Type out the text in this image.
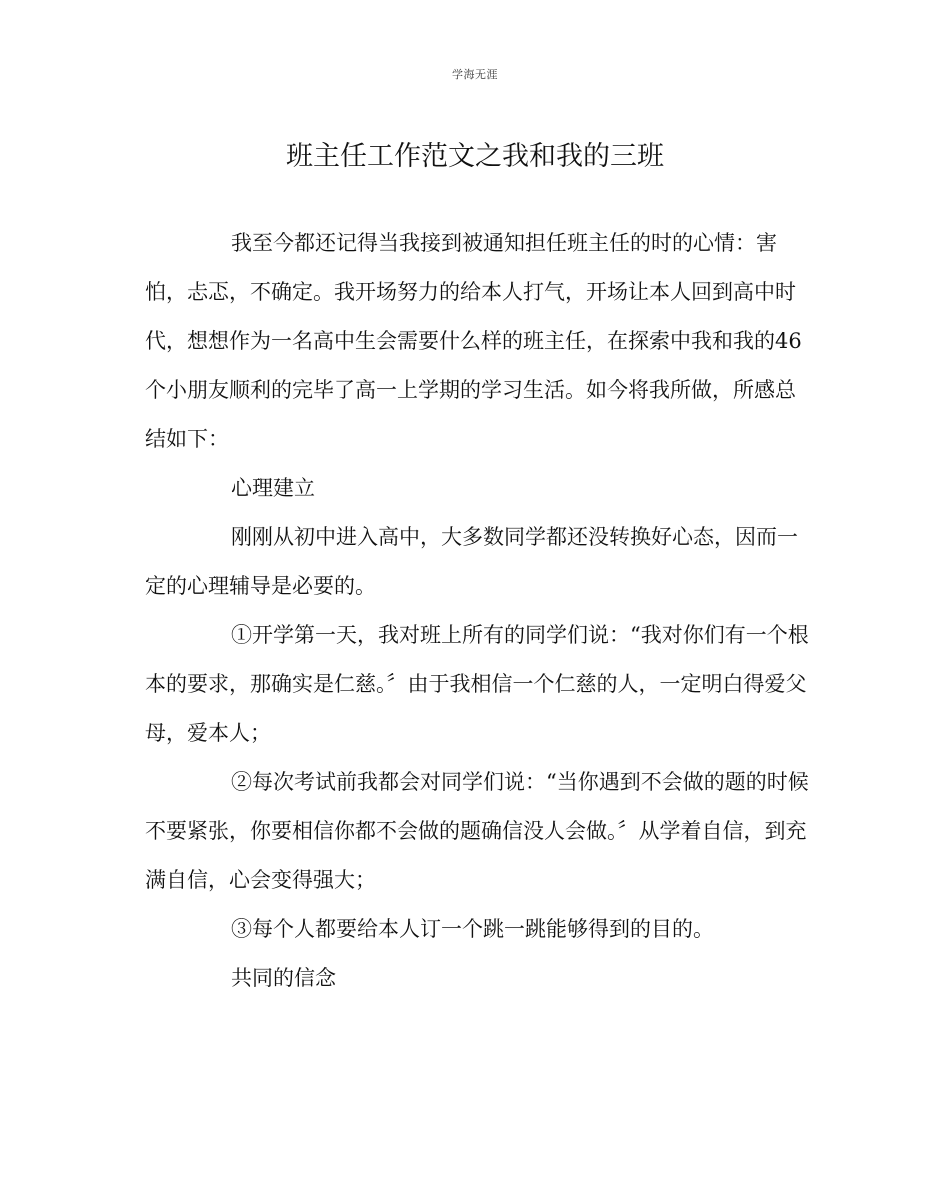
学海无涯
班主任工作范文之我和我的三班

我至今都还记得当我接到被通知担任班主任的时的心情：害怕，忐忑，不确定。我开场努力的给本人打气，开场让本人回到高中时代，想想作为一名高中生会需要什么样的班主任，在探索中我和我的46个小朋友顺利的完毕了高一上学期的学习生活。如今将我所做，所感总结如下：

心理建立

刚刚从初中进入高中，大多数同学都还没转换好心态，因而一定的心理辅导是必要的。

①开学第一天，我对班上所有的同学们说：“我对你们有一个根本的要求，那确实是仁慈。〞由于我相信一个仁慈的人，一定明白得爱父母，爱本人；

②每次考试前我都会对同学们说：“当你遇到不会做的题的时候不要紧张，你要相信你都不会做的题确信没人会做。〞从学着自信，到充满自信，心会变得强大；

③每个人都要给本人订一个跳一跳能够得到的目的。

共同的信念
